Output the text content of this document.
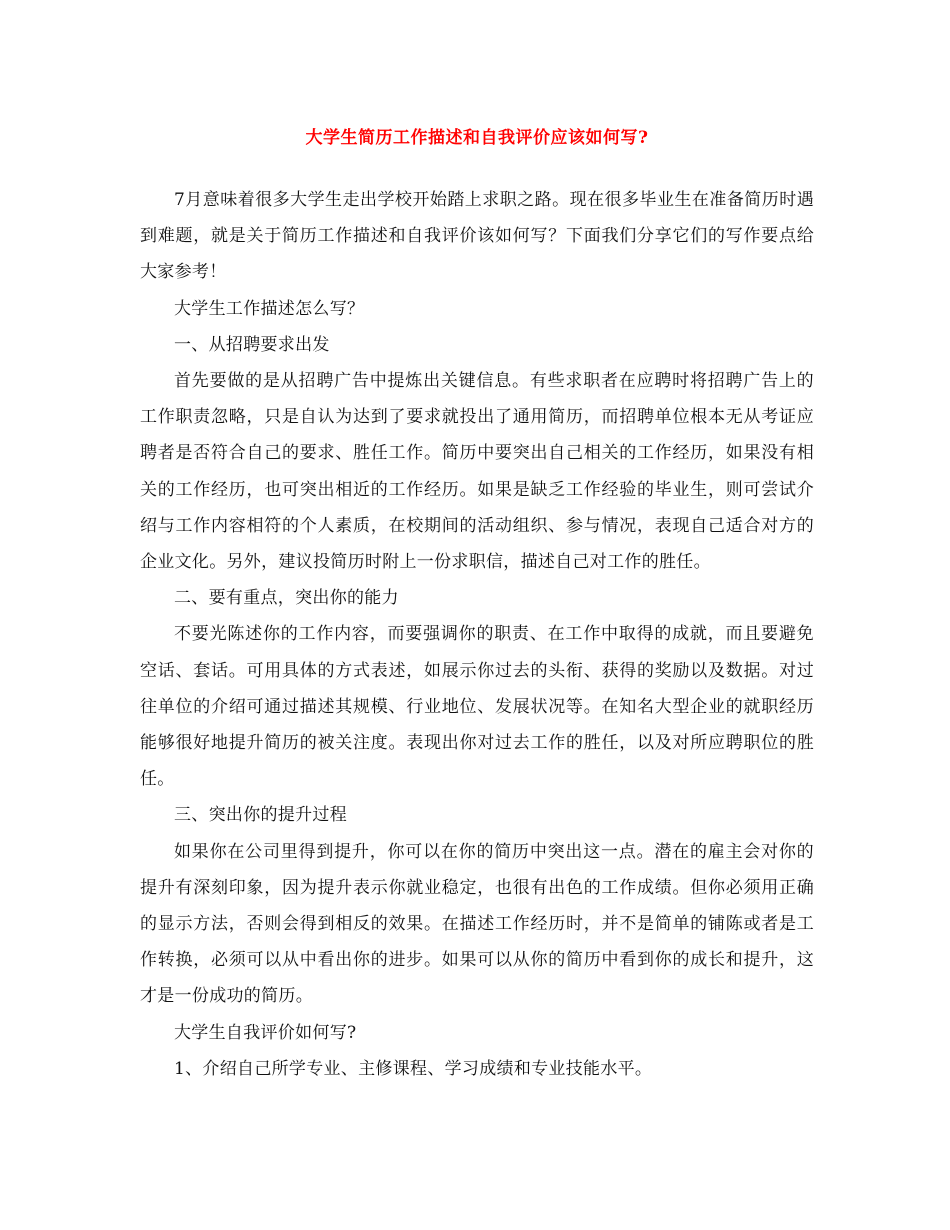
大学生简历工作描述和自我评价应该如何写?

7月意味着很多大学生走出学校开始踏上求职之路。现在很多毕业生在准备简历时遇到难题，就是关于简历工作描述和自我评价该如何写？下面我们分享它们的写作要点给大家参考！

大学生工作描述怎么写？

一、从招聘要求出发

首先要做的是从招聘广告中提炼出关键信息。有些求职者在应聘时将招聘广告上的工作职责忽略，只是自认为达到了要求就投出了通用简历，而招聘单位根本无从考证应聘者是否符合自己的要求、胜任工作。简历中要突出自己相关的工作经历，如果没有相关的工作经历，也可突出相近的工作经历。如果是缺乏工作经验的毕业生，则可尝试介绍与工作内容相符的个人素质，在校期间的活动组织、参与情况，表现自己适合对方的企业文化。另外，建议投简历时附上一份求职信，描述自己对工作的胜任。

二、要有重点，突出你的能力

不要光陈述你的工作内容，而要强调你的职责、在工作中取得的成就，而且要避免空话、套话。可用具体的方式表述，如展示你过去的头衔、获得的奖励以及数据。对过往单位的介绍可通过描述其规模、行业地位、发展状况等。在知名大型企业的就职经历能够很好地提升简历的被关注度。表现出你对过去工作的胜任，以及对所应聘职位的胜任。

三、突出你的提升过程

如果你在公司里得到提升，你可以在你的简历中突出这一点。潜在的雇主会对你的提升有深刻印象，因为提升表示你就业稳定，也很有出色的工作成绩。但你必须用正确的显示方法，否则会得到相反的效果。在描述工作经历时，并不是简单的铺陈或者是工作转换，必须可以从中看出你的进步。如果可以从你的简历中看到你的成长和提升，这才是一份成功的简历。

大学生自我评价如何写?

1、介绍自己所学专业、主修课程、学习成绩和专业技能水平。
